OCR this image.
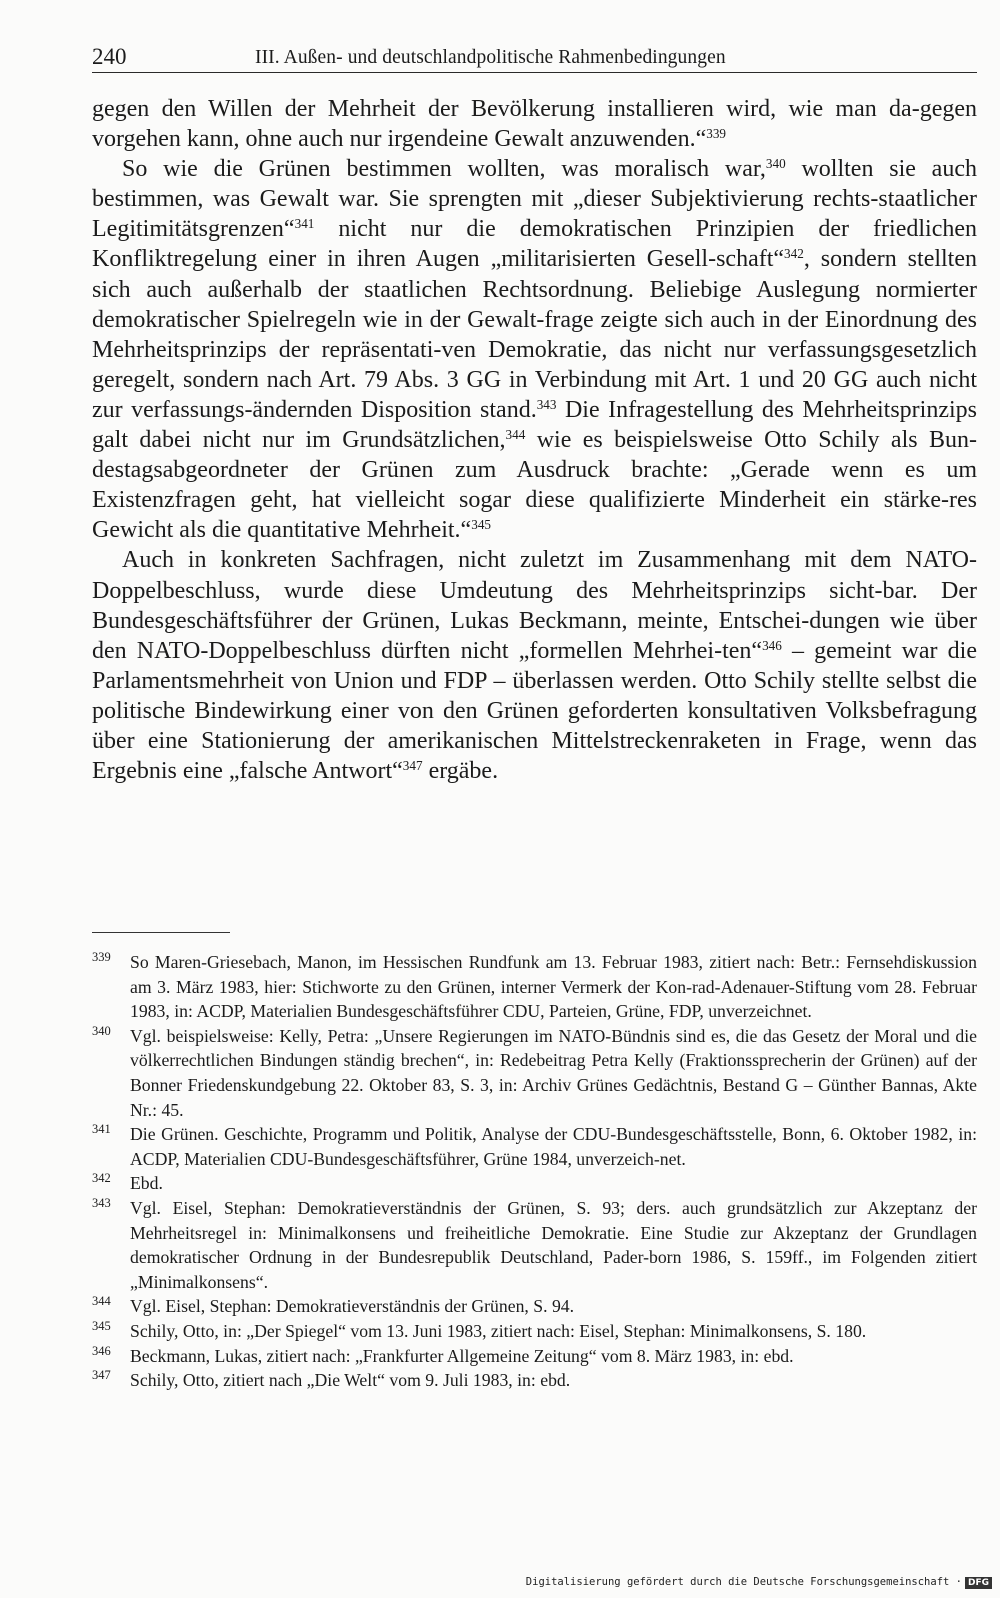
240	III. Außen- und deutschlandpolitische Rahmenbedingungen

gegen den Willen der Mehrheit der Bevölkerung installieren wird, wie man da-gegen vorgehen kann, ohne auch nur irgendeine Gewalt anzuwenden.“$^{339}$

So wie die Grünen bestimmen wollten, was moralisch war,$^{340}$ wollten sie auch bestimmen, was Gewalt war. Sie sprengten mit „dieser Subjektivierung rechts-staatlicher Legitimitätsgrenzen“$^{341}$ nicht nur die demokratischen Prinzipien der friedlichen Konfliktregelung einer in ihren Augen „militarisierten Gesell-schaft“$^{342}$, sondern stellten sich auch außerhalb der staatlichen Rechtsordnung. Beliebige Auslegung normierter demokratischer Spielregeln wie in der Gewalt-frage zeigte sich auch in der Einordnung des Mehrheitsprinzips der repräsentati-ven Demokratie, das nicht nur verfassungsgesetzlich geregelt, sondern nach Art. 79 Abs. 3 GG in Verbindung mit Art. 1 und 20 GG auch nicht zur verfassungs-ändernden Disposition stand.$^{343}$ Die Infragestellung des Mehrheitsprinzips galt dabei nicht nur im Grundsätzlichen,$^{344}$ wie es beispielsweise Otto Schily als Bun-destagsabgeordneter der Grünen zum Ausdruck brachte: „Gerade wenn es um Existenzfragen geht, hat vielleicht sogar diese qualifizierte Minderheit ein stärke-res Gewicht als die quantitative Mehrheit.“$^{345}$

Auch in konkreten Sachfragen, nicht zuletzt im Zusammenhang mit dem NATO-Doppelbeschluss, wurde diese Umdeutung des Mehrheitsprinzips sicht-bar. Der Bundesgeschäftsführer der Grünen, Lukas Beckmann, meinte, Entschei-dungen wie über den NATO-Doppelbeschluss dürften nicht „formellen Mehrhei-ten“$^{346}$ – gemeint war die Parlamentsmehrheit von Union und FDP – überlassen werden. Otto Schily stellte selbst die politische Bindewirkung einer von den Grünen geforderten konsultativen Volksbefragung über eine Stationierung der amerikanischen Mittelstreckenraketen in Frage, wenn das Ergebnis eine „falsche Antwort“$^{347}$ ergäbe.

339 So Maren-Griesebach, Manon, im Hessischen Rundfunk am 13. Februar 1983, zitiert nach: Betr.: Fernsehdiskussion am 3. März 1983, hier: Stichworte zu den Grünen, interner Vermerk der Kon-rad-Adenauer-Stiftung vom 28. Februar 1983, in: ACDP, Materialien Bundesgeschäftsführer CDU, Parteien, Grüne, FDP, unverzeichnet.
340 Vgl. beispielsweise: Kelly, Petra: „Unsere Regierungen im NATO-Bündnis sind es, die das Gesetz der Moral und die völkerrechtlichen Bindungen ständig brechen“, in: Redebeitrag Petra Kelly (Fraktionssprecherin der Grünen) auf der Bonner Friedenskundgebung 22. Oktober 83, S. 3, in: Archiv Grünes Gedächtnis, Bestand G – Günther Bannas, Akte Nr.: 45.
341 Die Grünen. Geschichte, Programm und Politik, Analyse der CDU-Bundesgeschäftsstelle, Bonn, 6. Oktober 1982, in: ACDP, Materialien CDU-Bundesgeschäftsführer, Grüne 1984, unverzeich-net.
342 Ebd.
343 Vgl. Eisel, Stephan: Demokratieverständnis der Grünen, S. 93; ders. auch grundsätzlich zur Akzeptanz der Mehrheitsregel in: Minimalkonsens und freiheitliche Demokratie. Eine Studie zur Akzeptanz der Grundlagen demokratischer Ordnung in der Bundesrepublik Deutschland, Pader-born 1986, S. 159ff., im Folgenden zitiert „Minimalkonsens“.
344 Vgl. Eisel, Stephan: Demokratieverständnis der Grünen, S. 94.
345 Schily, Otto, in: „Der Spiegel“ vom 13. Juni 1983, zitiert nach: Eisel, Stephan: Minimalkonsens, S. 180.
346 Beckmann, Lukas, zitiert nach: „Frankfurter Allgemeine Zeitung“ vom 8. März 1983, in: ebd.
347 Schily, Otto, zitiert nach „Die Welt“ vom 9. Juli 1983, in: ebd.
Digitalisierung gefördert durch die Deutsche Forschungsgemeinschaft · DFG
